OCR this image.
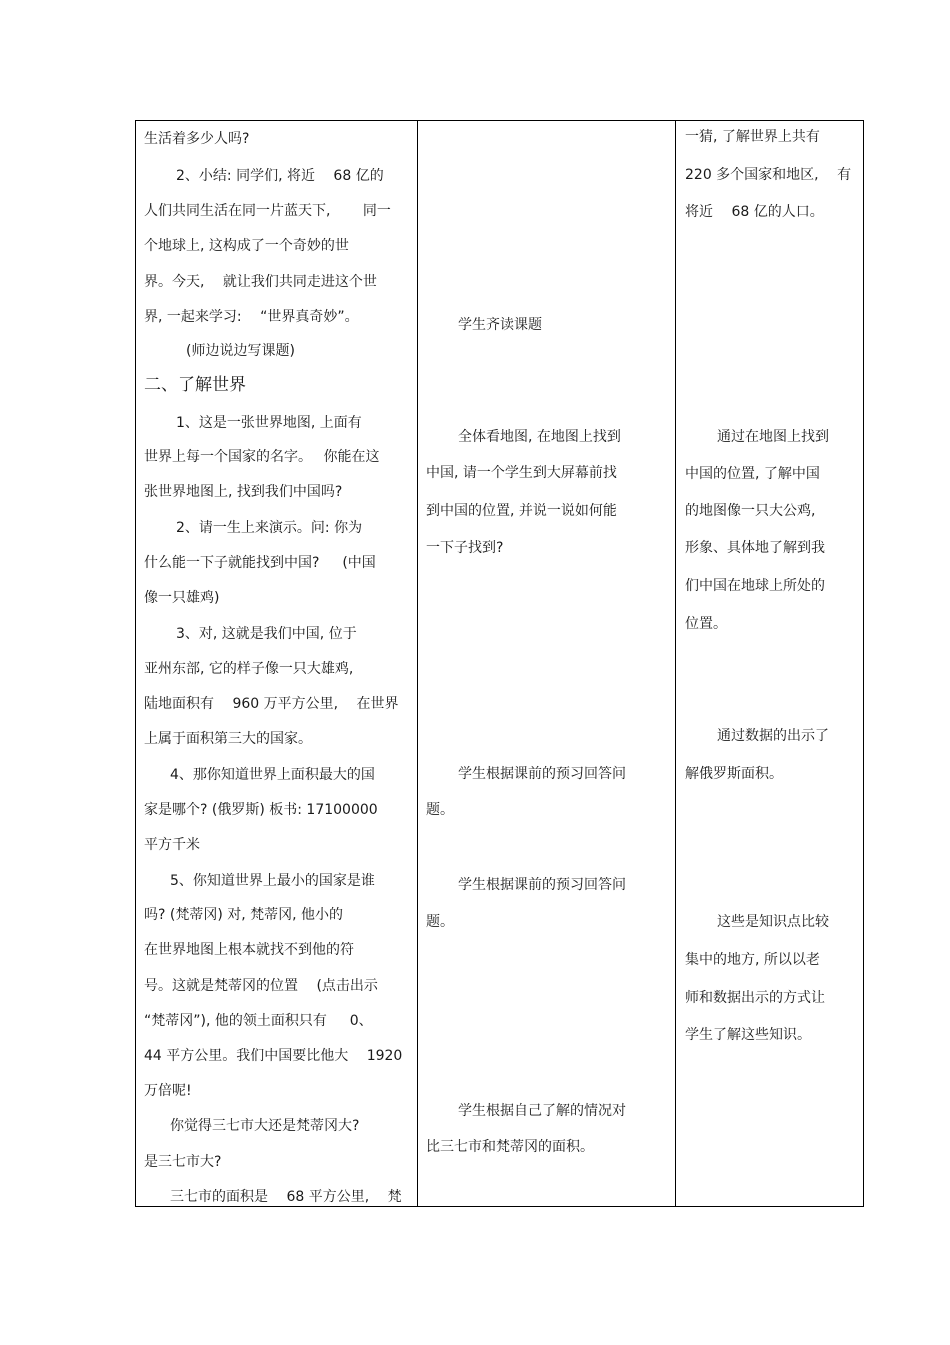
生活着多少人吗?
2、小结: 同学们, 将近 　68 亿的
人们共同生活在同一片蓝天下, 　　同一
个地球上, 这构成了一个奇妙的世
界。今天, 　就让我们共同走进这个世
界, 一起来学习: 　“世界真奇妙”。
(师边说边写课题)
二、了解世界
1、这是一张世界地图, 上面有
世界上每一个国家的名字。　 你能在这
张世界地图上, 找到我们中国吗?
2、请一生上来演示。问: 你为
什么能一下子就能找到中国? 　 (中国
像一只雄鸡)
3、对, 这就是我们中国, 位于
亚州东部, 它的样子像一只大雄鸡,
陆地面积有 　960 万平方公里, 　在世界
上属于面积第三大的国家。
4、那你知道世界上面积最大的国
家是哪个? (俄罗斯) 板书: 17100000
平方千米
5、你知道世界上最小的国家是谁
吗? (梵蒂冈) 对, 梵蒂冈, 他小的
在世界地图上根本就找不到他的符
号。这就是梵蒂冈的位置 　(点击出示
“梵蒂冈”), 他的领土面积只有 　 0、
44 平方公里。我们中国要比他大 　1920
万倍呢!
你觉得三七市大还是梵蒂冈大?
是三七市大?
三七市的面积是 　68 平方公里, 　梵
学生齐读课题
全体看地图, 在地图上找到
中国, 请一个学生到大屏幕前找
到中国的位置, 并说一说如何能
一下子找到?
学生根据课前的预习回答问
题。
学生根据课前的预习回答问
题。
学生根据自己了解的情况对
比三七市和梵蒂冈的面积。
一猜, 了解世界上共有
220 多个国家和地区, 　有
将近 　68 亿的人口。
通过在地图上找到
中国的位置, 了解中国
的地图像一只大公鸡,
形象、具体地了解到我
们中国在地球上所处的
位置。
通过数据的出示了
解俄罗斯面积。
这些是知识点比较
集中的地方, 所以以老
师和数据出示的方式让
学生了解这些知识。
